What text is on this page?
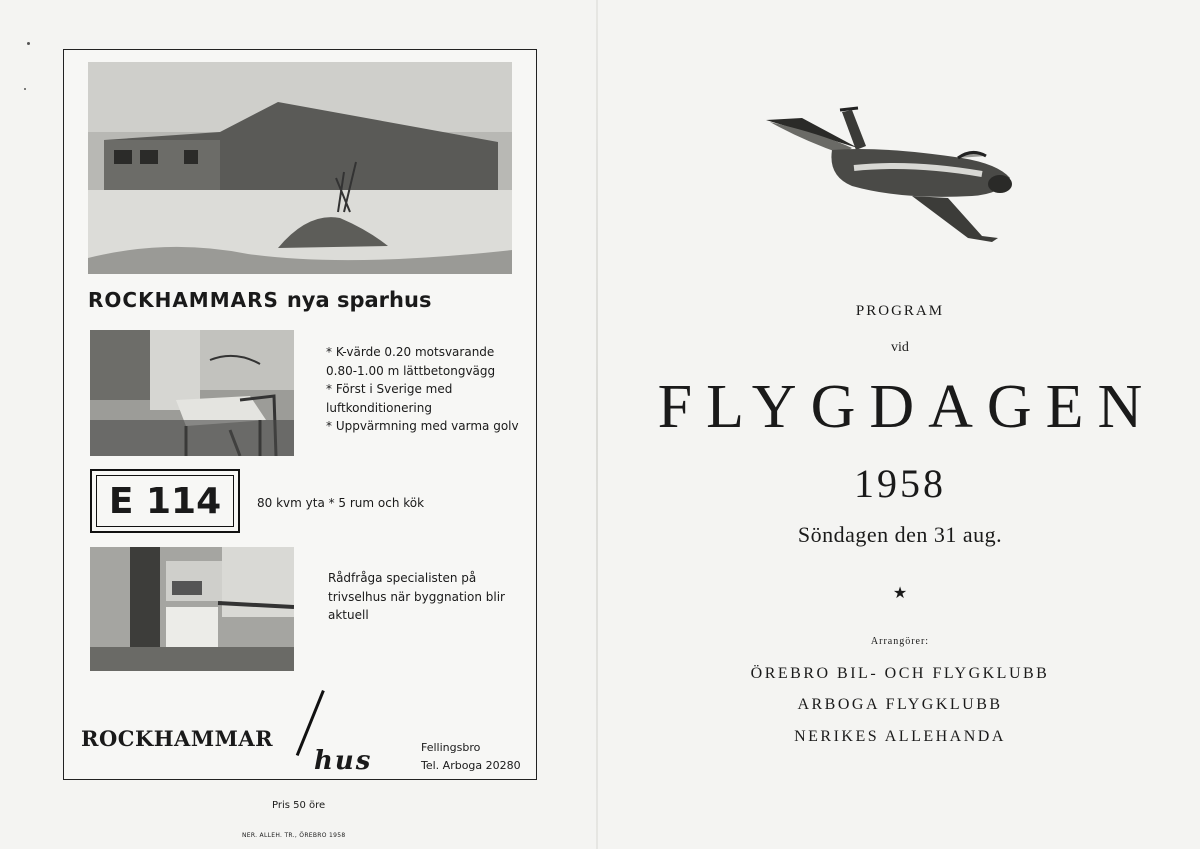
ROCKHAMMARS nya sparhus

* K-värde 0.20 motsvarande 0.80-1.00 m lättbetongvägg

* Först i Sverige med luftkonditionering

* Uppvärmning med varma golv

E 114	80 kvm yta * 5 rum och kök
Rådfråga specialisten på trivselhus när byggnation blir aktuell
ROCKHAMMAR
hus	Fellingsbro
Tel. Arboga 20280
Pris 50 öre
NER. ALLEH. TR., ÖREBRO 1958
PROGRAM
vid
FLYGDAGEN
1958
Söndagen den 31 aug.
★
Arrangörer:
ÖREBRO BIL- OCH FLYGKLUBB
ARBOGA FLYGKLUBB
NERIKES ALLEHANDA
